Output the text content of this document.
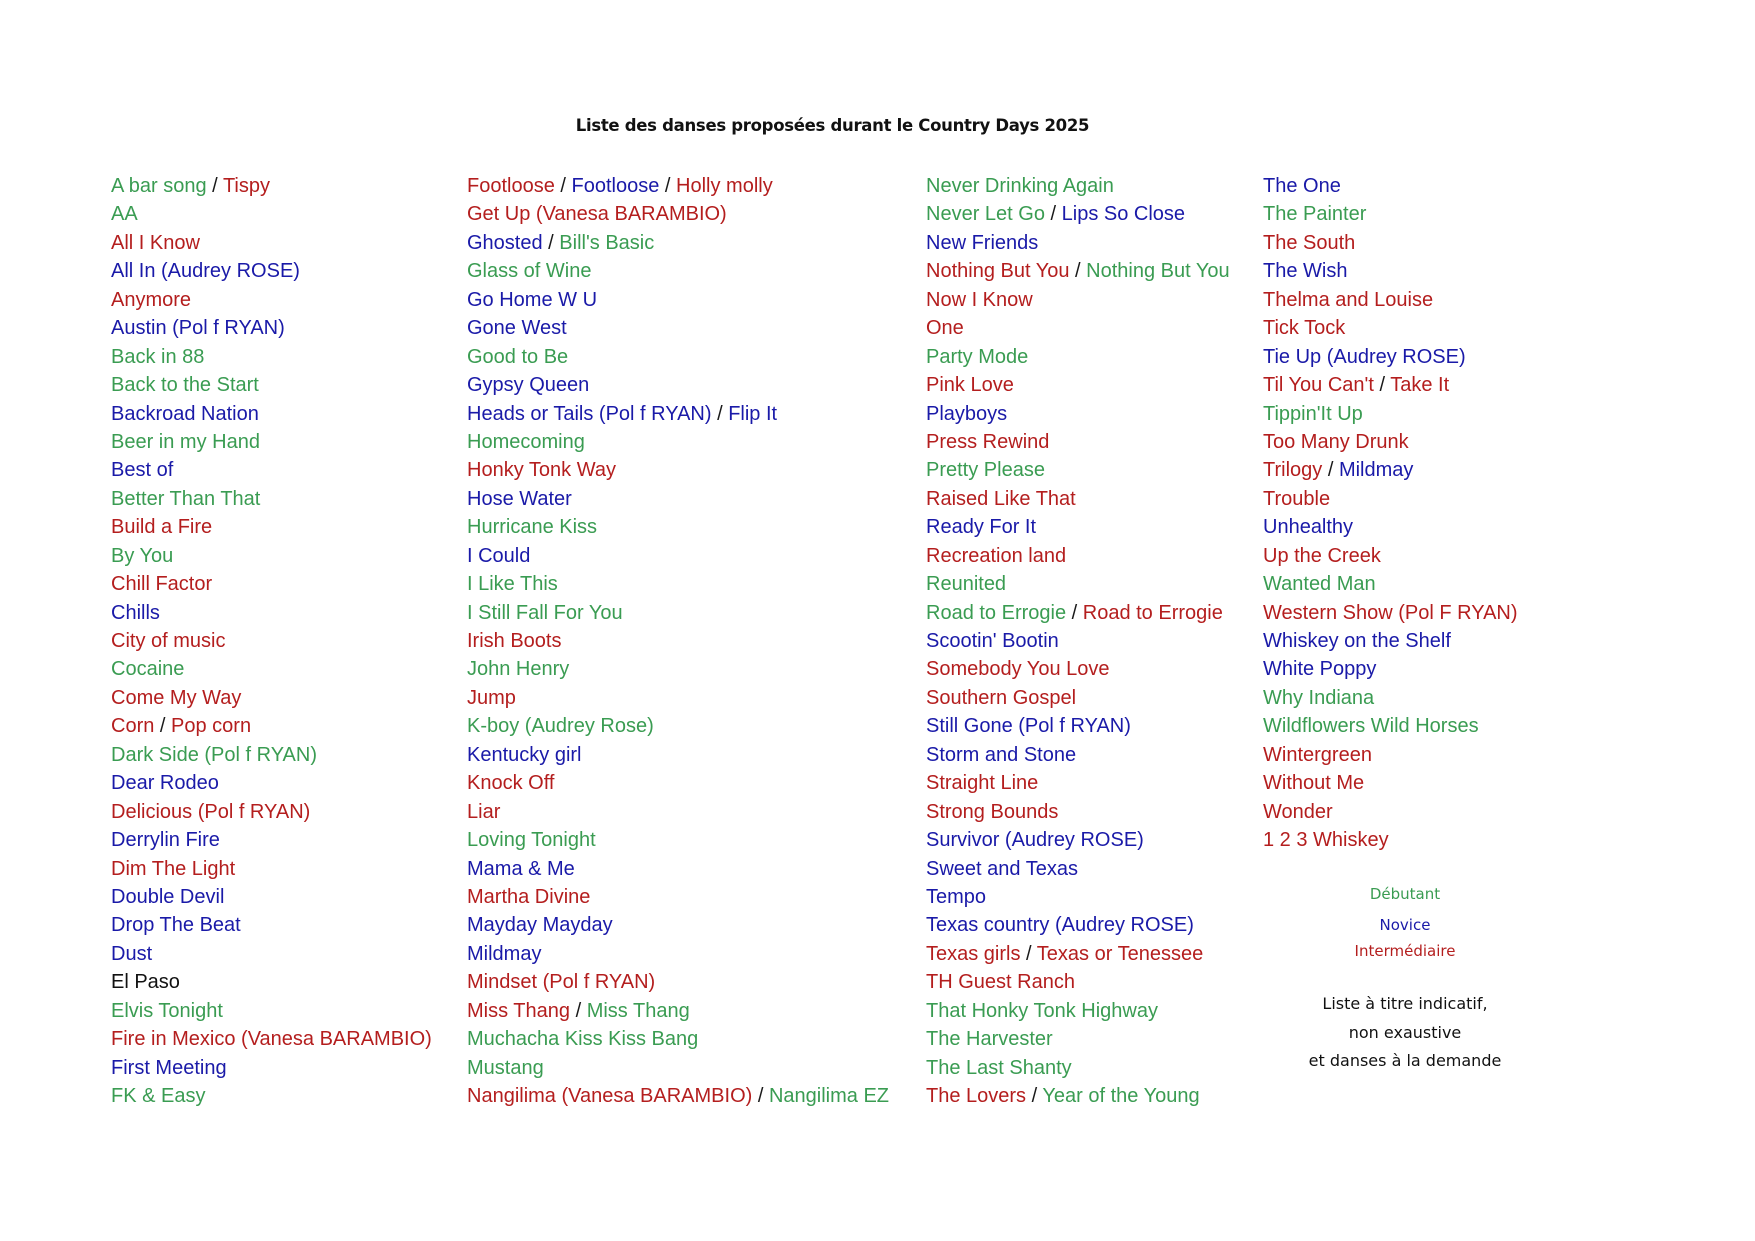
Liste des danses proposées durant le Country Days 2025
A bar song / Tispy
AA
All I Know
All In (Audrey ROSE)
Anymore
Austin (Pol f RYAN)
Back in 88
Back to the Start
Backroad Nation
Beer in my Hand
Best of
Better Than That
Build a Fire
By You
Chill Factor
Chills
City of music
Cocaine
Come My Way
Corn / Pop corn
Dark Side (Pol f RYAN)
Dear Rodeo
Delicious (Pol f RYAN)
Derrylin Fire
Dim The Light
Double Devil
Drop The Beat
Dust
El Paso
Elvis Tonight
Fire in Mexico (Vanesa BARAMBIO)
First Meeting
FK & Easy
Footloose / Footloose / Holly molly
Get Up (Vanesa BARAMBIO)
Ghosted / Bill's Basic
Glass of Wine
Go Home W U
Gone West
Good to Be
Gypsy Queen
Heads or Tails (Pol f RYAN) / Flip It
Homecoming
Honky Tonk Way
Hose Water
Hurricane Kiss
I Could
I Like This
I Still Fall For You
Irish Boots
John Henry
Jump
K-boy (Audrey Rose)
Kentucky girl
Knock Off
Liar
Loving Tonight
Mama & Me
Martha Divine
Mayday Mayday
Mildmay
Mindset (Pol f RYAN)
Miss Thang / Miss Thang
Muchacha Kiss Kiss Bang
Mustang
Nangilima (Vanesa BARAMBIO) / Nangilima EZ
Never Drinking Again
Never Let Go / Lips So Close
New Friends
Nothing But You / Nothing But You
Now I Know
One
Party Mode
Pink Love
Playboys
Press Rewind
Pretty Please
Raised Like That
Ready For It
Recreation land
Reunited
Road to Errogie / Road to Errogie
Scootin' Bootin
Somebody You Love
Southern Gospel
Still Gone (Pol f RYAN)
Storm and Stone
Straight Line
Strong Bounds
Survivor (Audrey ROSE)
Sweet and Texas
Tempo
Texas country (Audrey ROSE)
Texas girls / Texas or Tenessee
TH Guest Ranch
That Honky Tonk Highway
The Harvester
The Last Shanty
The Lovers / Year of the Young
The One
The Painter
The South
The Wish
Thelma and Louise
Tick Tock
Tie Up (Audrey ROSE)
Til You Can't / Take It
Tippin'It Up
Too Many Drunk
Trilogy / Mildmay
Trouble
Unhealthy
Up the Creek
Wanted Man
Western Show (Pol F RYAN)
Whiskey on the Shelf
White Poppy
Why Indiana
Wildflowers Wild Horses
Wintergreen
Without Me
Wonder
1 2 3 Whiskey
Débutant
Novice
Intermédiaire
Liste à titre indicatif,
non exaustive
et danses à la demande
